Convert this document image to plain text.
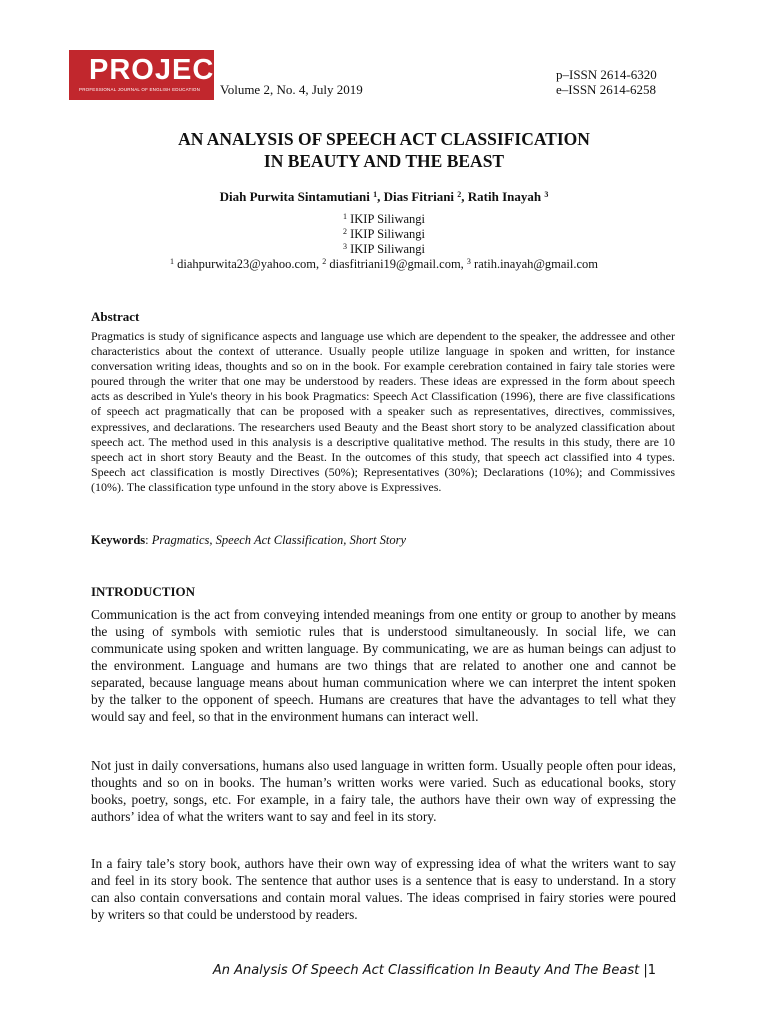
PROJECT
PROFESSIONAL JOURNAL OF ENGLISH EDUCATION Volume 2, No. 4, July 2019
p–ISSN 2614-6320
e–ISSN 2614-6258
AN ANALYSIS OF SPEECH ACT CLASSIFICATION
IN BEAUTY AND THE BEAST
Diah Purwita Sintamutiani $^1$, Dias Fitriani $^2$, Ratih Inayah $^3$
$^1$ IKIP Siliwangi
$^2$ IKIP Siliwangi
$^3$ IKIP Siliwangi
$^1$ diahpurwita23@yahoo.com, $^2$ diasfitriani19@gmail.com, $^3$ ratih.inayah@gmail.com
Abstract

Pragmatics is study of significance aspects and language use which are dependent to the speaker, the addressee and other characteristics about the context of utterance. Usually people utilize language in spoken and written, for instance conversation writing ideas, thoughts and so on in the book. For example cerebration contained in fairy tale stories were poured through the writer that one may be understood by readers. These ideas are expressed in the form about speech acts as described in Yule's theory in his book Pragmatics: Speech Act Classification (1996), there are five classifications of speech act pragmatically that can be proposed with a speaker such as representatives, directives, commissives, expressives, and declarations. The researchers used Beauty and the Beast short story to be analyzed classification about speech act. The method used in this analysis is a descriptive qualitative method. The results in this study, there are 10 speech act in short story Beauty and the Beast. In the outcomes of this study, that speech act classified into 4 types. Speech act classification is mostly Directives (50%); Representatives (30%); Declarations (10%); and Commissives (10%). The classification type unfound in the story above is Expressives.

Keywords: Pragmatics, Speech Act Classification, Short Story
INTRODUCTION

Communication is the act from conveying intended meanings from one entity or group to another by means the using of symbols with semiotic rules that is understood simultaneously. In social life, we can communicate using spoken and written language. By communicating, we are as human beings can adjust to the environment. Language and humans are two things that are related to another one and cannot be separated, because language means about human communication where we can interpret the intent spoken by the talker to the opponent of speech. Humans are creatures that have the advantages to tell what they would say and feel, so that in the environment humans can interact well.

Not just in daily conversations, humans also used language in written form. Usually people often pour ideas, thoughts and so on in books. The human’s written works were varied. Such as educational books, story books, poetry, songs, etc. For example, in a fairy tale, the authors have their own way of expressing the authors’ idea of what the writers want to say and feel in its story.

In a fairy tale’s story book, authors have their own way of expressing idea of what the writers want to say and feel in its story book. The sentence that author uses is a sentence that is easy to understand. In a story can also contain conversations and contain moral values. The ideas comprised in fairy stories were poured by writers so that could be understood by readers.

An Analysis Of Speech Act Classification In Beauty And The Beast |1
